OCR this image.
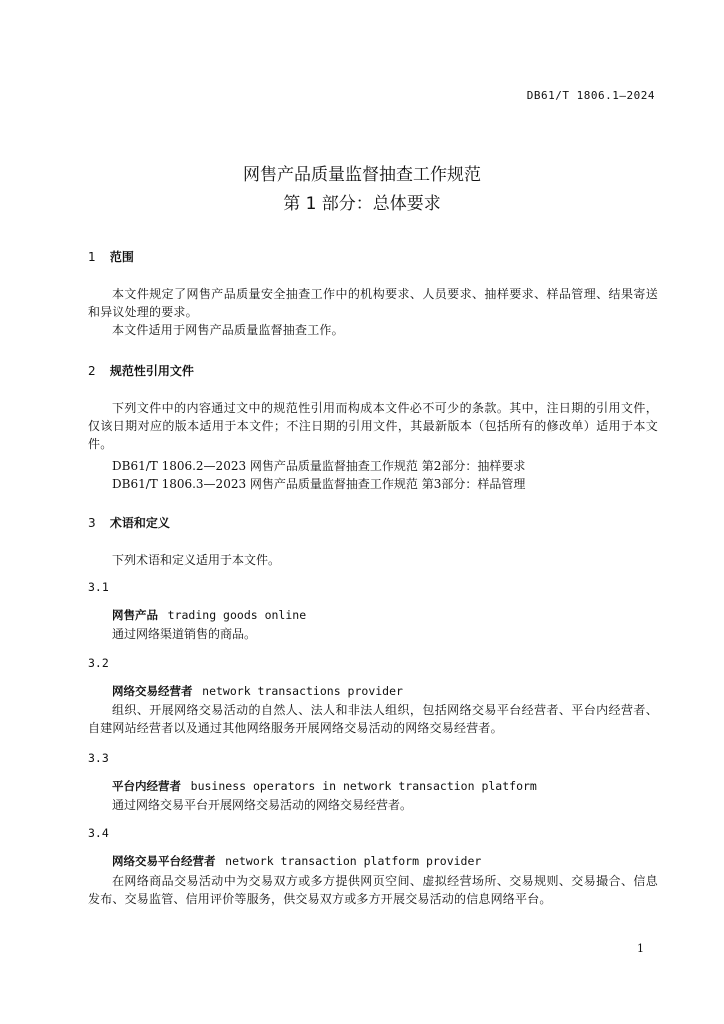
DB61/T 1806.1—2024
网售产品质量监督抽查工作规范
第 1 部分：总体要求
1 范围

本文件规定了网售产品质量安全抽查工作中的机构要求、人员要求、抽样要求、样品管理、结果寄送和异议处理的要求。

本文件适用于网售产品质量监督抽查工作。

2 规范性引用文件

下列文件中的内容通过文中的规范性引用而构成本文件必不可少的条款。其中，注日期的引用文件，仅该日期对应的版本适用于本文件；不注日期的引用文件，其最新版本（包括所有的修改单）适用于本文件。

DB61/T 1806.2—2023 网售产品质量监督抽查工作规范 第2部分：抽样要求
DB61/T 1806.3—2023 网售产品质量监督抽查工作规范 第3部分：样品管理
3 术语和定义
下列术语和定义适用于本文件。
3.1
网售产品 trading goods online
通过网络渠道销售的商品。
3.2
网络交易经营者 network transactions provider

组织、开展网络交易活动的自然人、法人和非法人组织，包括网络交易平台经营者、平台内经营者、自建网站经营者以及通过其他网络服务开展网络交易活动的网络交易经营者。

3.3
平台内经营者 business operators in network transaction platform
通过网络交易平台开展网络交易活动的网络交易经营者。
3.4
网络交易平台经营者 network transaction platform provider

在网络商品交易活动中为交易双方或多方提供网页空间、虚拟经营场所、交易规则、交易撮合、信息发布、交易监管、信用评价等服务，供交易双方或多方开展交易活动的信息网络平台。

1
